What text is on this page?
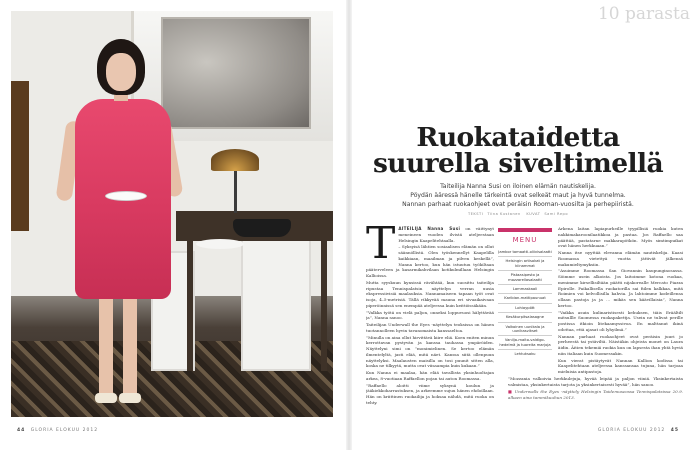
44 GLORIA ELOKUU 2012
10 parasta
Ruokataidetta
suurella siveltimellä
Taiteilija Nanna Susi on iloinen elämän nautiskelija.
Pöydän ääressä hänelle tärkeintä ovat selkeät maut ja hyvä tunnelma.
Nannan parhaat ruokaohjeet ovat peräisin Rooman-vuosilta ja perhepiiristä.
TEKSTI Tiina Kustanen KUVAT Sami Repo

TAITEILIJA Nanna Susi on väittynyt meneineen vuoden ilvistä ateljeestaan Helsingin Kaapelitehtaalla.

– Syksyisä lähtien sosiaalisen elämän on ollut säännöllistä. Olen työskennellyt Kaapelilla kaikkiaan, maailman ja pilven keskellä”, Nanna kertoo, kun hän istuutuu työkiltaan pääterveleen ja kasarmikahvilaan kotikulmillaan Helsingin Kallioissa.

Mutta syyskuun kynsissä rävähtää, kun suosittu taiteilija ripustaa Tennispalatsin näyttelyn verran uusia ekspressiivisiä maalauksia. Nannamaiseen tapaan työt ovat isoja, 4–5-metrisiä. Tällä rikkyvää mauna eri sivuaikaivaan piperöinnissä sen enempää ateljeessa kuin keittiössäkään.

”Valkka työtä on vielä paljon, onneksi loppuvuosi hälyttävää ja”, Nanna sanoo.

Taiteilijan Underwall the Eyes -näyttelyn teoksissa on hänen tuotannolleen hyvin tavanomaista kanssaeltoa.

”Minulla on aina ollut hirvittävä kiire eliä. Koen eniten minun kerrottavan pystyvän ja kanssa tauhassa ympäröiden. Näyttelyni simi on ”monimielinen. Se kertoo elämän ilmentelyltä, jasti elää, mitä näet. Kanssa siitä ollenpuun näyttelyksi. Maalausten maisilla on tosi puunit sitten alla, koska ne tilkyytä, mutta ovat viisaampia kuin kukaan.”

Kun Nanna ei maalaa, hän elää tavallista yksinhuoltajan arkea, 8-vuotiaan Raffaellon pojan tai auton Roomassa.

”Raffaello aloitti viime syksynä koulun ja jääkiekkoharrastuksen, ja arkeemme sujuu hänen ehdoillaan. Hän on kriittinen ruokailija ja hoksaa nähdä, mitä ruoka on tehty.

MENU
Jambor tomaatti-oliivisalaatti
Helsingin artisokat ja kiinammat
Pistaasipesto ja mozzarellasalaatti
Lammaskaali
Karibian-mattipaunuat
Lohiaypött
Kesäkurpitsalasagne
Valkoinen uunikala ja uunikasvikset
Vanilja-maito-valdigo-hedelmä ja tuoreita marjoja
Lehtuksaku

Arkena laitan lapiapurheille tyypillisiä ruokia kuten nakkimakaroonilaatikkoa ja pastaa. Jos Raffaello saa päättää, pastatarne makkarapötkön. Myös simtimpuikat ovat hänen herkkuaan.”

Nanna itse nyyttää elevanna elämän nautiskelija. Kaasi Roomassa vietettyä vuotta jättivät jälkensä makumieltymyksiin.

”Asuimme Roomassa San Giovannin kaupunginosassa. Söimme usein alkoista. Jos laitoimme kotona ruokaa, menimme kirsellisiltään päätti nijakorealle Mercato Piazza Epirolle. Paikallisella ruokatorilla sai fiilen kalkkaa, mitä Roimien voi kelvollisilla kahvia. Ja lahtoimme kodeillensa ollaan pastoja ja ja … mikäs sen käävillaisia”, Nanna kertoo.

”Vaikka asuin kulinaristisesti kehuksen, tiäis Eräältilt mitsullle Suomessa ruokapakettja. Usein ne tulivat perille postissa itkioin litekaamyssivoa. En malttanut ikinä odottaa, että ajasat oli lyhyilmä.”

Nannan parhaat ruokaohjeet ovat peräisin juuri jo perheestä tai ystäviltä. Näistäkin ohjeista monet on Laura äidin. Äitien tekemiä ruokia kun on lapsesta ihan yhtä hyviä niin italiaan kuin Suomessakin.

Kun vierat pistäytyvät Nannan Kallion kodissa tai Kaapelitehtaan ateljeessa kanssansaa tujuna, hän tarjoaa mieluisia antipastoja.

”Mozzania valkoivia herkkulejuja, hyvää leipää ja paljon viiniä. Yksinkertaista valmistaa, yksinkertaista tarjota ja yksinkertaisesti hyvää”, hän sanoo.

■ Underwalls the Eyes -näyttely Helsingin Taidemuseossa Tennispalatsissa 20.9. alkaen aina tammikuuhun 2013.

GLORIA ELOKUU 2012 45
